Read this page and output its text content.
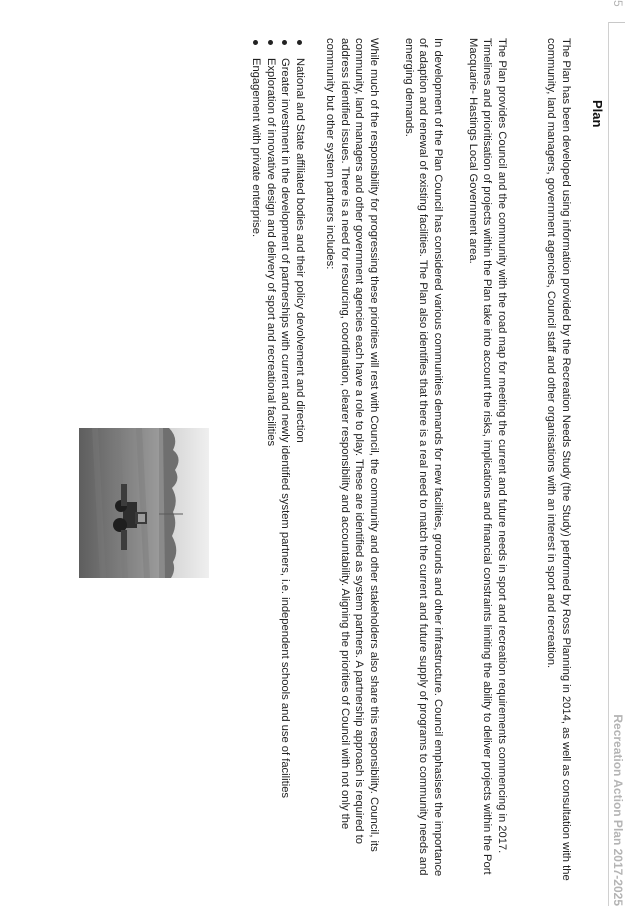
5
Recreation Action Plan 2017-2025

The Plan has been developed using information provided by the Recreation Needs Study (the Study) performed by Ross Planning in 2014, as well as consultation with the community, land managers, government agencies, Council staff and other organisations with an interest in sport and recreation.

The Plan provides Council and the community with the road map for meeting the current and future needs in sport and recreation requirements commencing in 2017. Timelines and prioritisation of projects within the Plan take into account the risks, implications and financial constraints limiting the ability to deliver projects within the Port Macquarie- Hastings Local Government area.

In development of the Plan Council has considered various communities demands for new facilities, grounds and other infrastructure. Council emphasises the importance of adaption and renewal of existing facilities. The Plan also identifies that there is a real need to match the current and future supply of programs to community needs and emerging demands.

While much of the responsibility for progressing these priorities will rest with Council, the community and other stakeholders also share this responsibility. Council, its community, land managers and other government agencies each have a role to play. These are identified as system partners. A partnership approach is required to address identified issues. There is a need for resourcing, coordination, clearer responsibility and accountability. Aligning the priorities of Council with not only the community but other system partners includes:

National and State affiliated bodies and their policy devolvement and direction
Greater investment in the development of partnerships with current and newly identified system partners, i.e. independent schools and use of facilities
Exploration of innovative design and delivery of sport and recreational facilities
Engagement with private enterprise.	Plan
